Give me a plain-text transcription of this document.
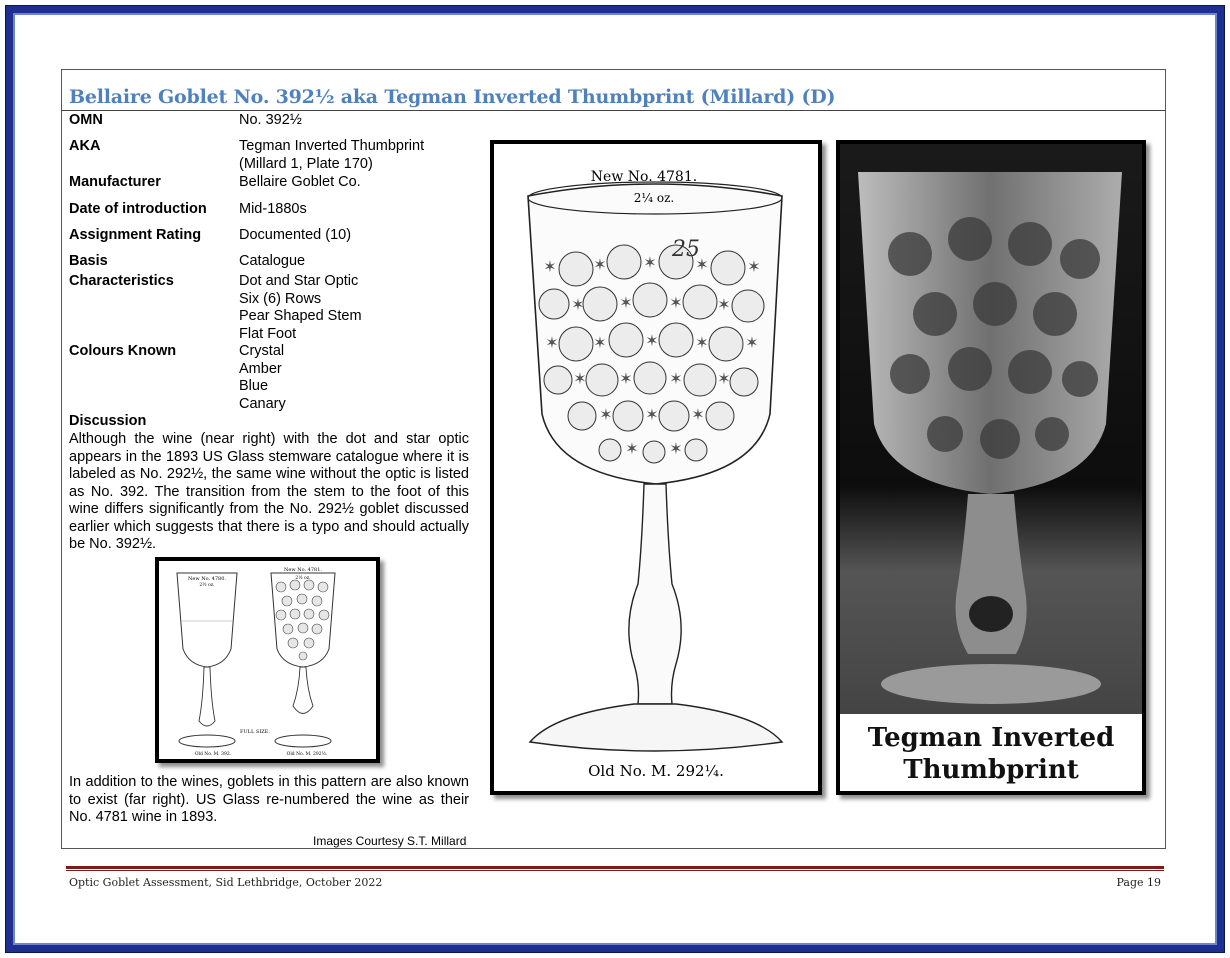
Bellaire Goblet No. 392½ aka Tegman Inverted Thumbprint (Millard) (D)
OMN	No. 392½
AKA	Tegman Inverted Thumbprint
(Millard 1, Plate 170)
Manufacturer	Bellaire Goblet Co.
Date of introduction	Mid-1880s
Assignment Rating	Documented (10)
Basis	Catalogue
Characteristics	Dot and Star Optic
Six (6) Rows
Pear Shaped Stem
Flat Foot
Colours Known	Crystal
Amber
Blue
Canary
Discussion
Although the wine (near right) with the dot and star optic appears in the 1893 US Glass stemware catalogue where it is labeled as No. 292½, the same wine without the optic is listed as No. 392. The transition from the stem to the foot of this wine differs significantly from the No. 292½ goblet discussed earlier which suggests that there is a typo and should actually be No. 392½.
New No. 4780.
2½ oz.
New No. 4781.
2½ oz.
FULL SIZE.
Old No. M. 392.	Old No. M. 292½.
In addition to the wines, goblets in this pattern are also known to exist (far right). US Glass re-numbered the wine as their No. 4781 wine in 1893.
Images Courtesy S.T. Millard
✶ ✶ ✶ ✶ ✶
✶ ✶ ✶ ✶
✶ ✶ ✶ ✶
✶
✶ ✶ ✶ ✶
✶ ✶ ✶
✶ ✶
New No. 4781.
2¼ oz.
25
Old No. M. 292¼.
Tegman Inverted
Thumbprint
Optic Goblet Assessment, Sid Lethbridge, October 2022	Page 19
